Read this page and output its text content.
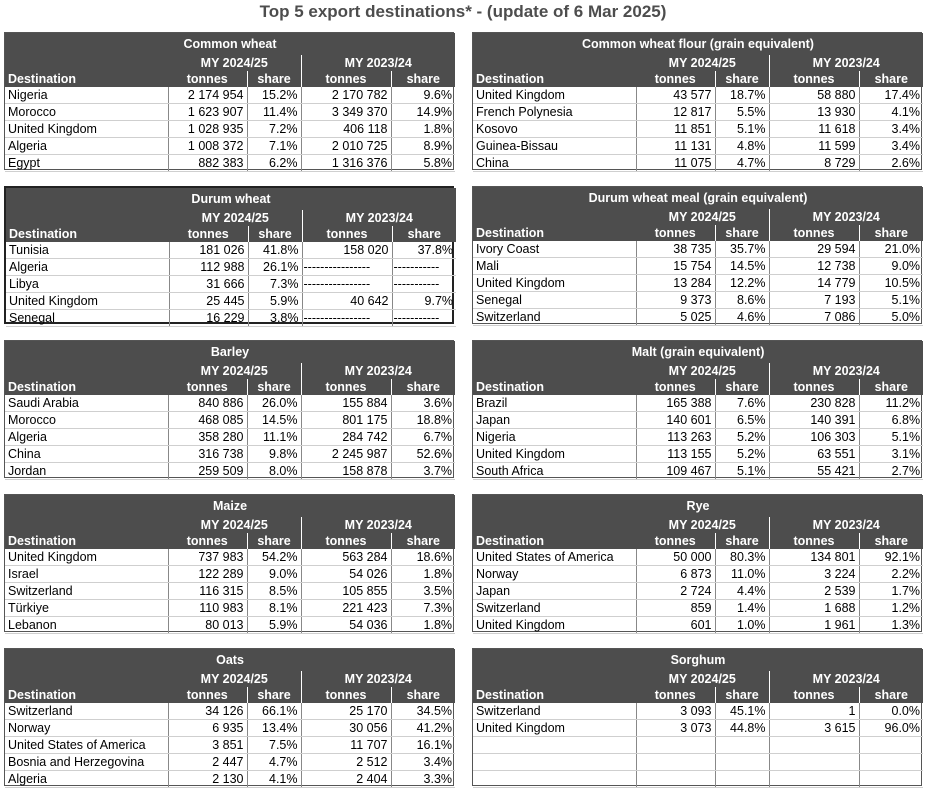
Top 5 export destinations* - (update of 6 Mar 2025)
Common wheat				
	MY 2024/25		MY 2023/24	
Destination	tonnes	share	tonnes	share
Nigeria	2 174 954	15.2%	2 170 782	9.6%
Morocco	1 623 907	11.4%	3 349 370	14.9%
United Kingdom	1 028 935	7.2%	406 118	1.8%
Algeria	1 008 372	7.1%	2 010 725	8.9%
Egypt	882 383	6.2%	1 316 376	5.8%
Common wheat flour (grain equivalent)				
	MY 2024/25		MY 2023/24	
Destination	tonnes	share	tonnes	share
United Kingdom	43 577	18.7%	58 880	17.4%
French Polynesia	12 817	5.5%	13 930	4.1%
Kosovo	11 851	5.1%	11 618	3.4%
Guinea-Bissau	11 131	4.8%	11 599	3.4%
China	11 075	4.7%	8 729	2.6%
Durum wheat				
	MY 2024/25		MY 2023/24	
Destination	tonnes	share	tonnes	share
Tunisia	181 026	41.8%	158 020	37.8%
Algeria	112 988	26.1%	----------------	-----------
Libya	31 666	7.3%	----------------	-----------
United Kingdom	25 445	5.9%	40 642	9.7%
Senegal	16 229	3.8%	----------------	-----------
Durum wheat meal (grain equivalent)				
	MY 2024/25		MY 2023/24	
Destination	tonnes	share	tonnes	share
Ivory Coast	38 735	35.7%	29 594	21.0%
Mali	15 754	14.5%	12 738	9.0%
United Kingdom	13 284	12.2%	14 779	10.5%
Senegal	9 373	8.6%	7 193	5.1%
Switzerland	5 025	4.6%	7 086	5.0%
Barley				
	MY 2024/25		MY 2023/24	
Destination	tonnes	share	tonnes	share
Saudi Arabia	840 886	26.0%	155 884	3.6%
Morocco	468 085	14.5%	801 175	18.8%
Algeria	358 280	11.1%	284 742	6.7%
China	316 738	9.8%	2 245 987	52.6%
Jordan	259 509	8.0%	158 878	3.7%
Malt (grain equivalent)				
	MY 2024/25		MY 2023/24	
Destination	tonnes	share	tonnes	share
Brazil	165 388	7.6%	230 828	11.2%
Japan	140 601	6.5%	140 391	6.8%
Nigeria	113 263	5.2%	106 303	5.1%
United Kingdom	113 155	5.2%	63 551	3.1%
South Africa	109 467	5.1%	55 421	2.7%
Maize				
	MY 2024/25		MY 2023/24	
Destination	tonnes	share	tonnes	share
United Kingdom	737 983	54.2%	563 284	18.6%
Israel	122 289	9.0%	54 026	1.8%
Switzerland	116 315	8.5%	105 855	3.5%
Türkiye	110 983	8.1%	221 423	7.3%
Lebanon	80 013	5.9%	54 036	1.8%
Rye				
	MY 2024/25		MY 2023/24	
Destination	tonnes	share	tonnes	share
United States of America	50 000	80.3%	134 801	92.1%
Norway	6 873	11.0%	3 224	2.2%
Japan	2 724	4.4%	2 539	1.7%
Switzerland	859	1.4%	1 688	1.2%
United Kingdom	601	1.0%	1 961	1.3%
Oats				
	MY 2024/25		MY 2023/24	
Destination	tonnes	share	tonnes	share
Switzerland	34 126	66.1%	25 170	34.5%
Norway	6 935	13.4%	30 056	41.2%
United States of America	3 851	7.5%	11 707	16.1%
Bosnia and Herzegovina	2 447	4.7%	2 512	3.4%
Algeria	2 130	4.1%	2 404	3.3%
Sorghum				
	MY 2024/25		MY 2023/24	
Destination	tonnes	share	tonnes	share
Switzerland	3 093	45.1%	1	0.0%
United Kingdom	3 073	44.8%	3 615	96.0%
